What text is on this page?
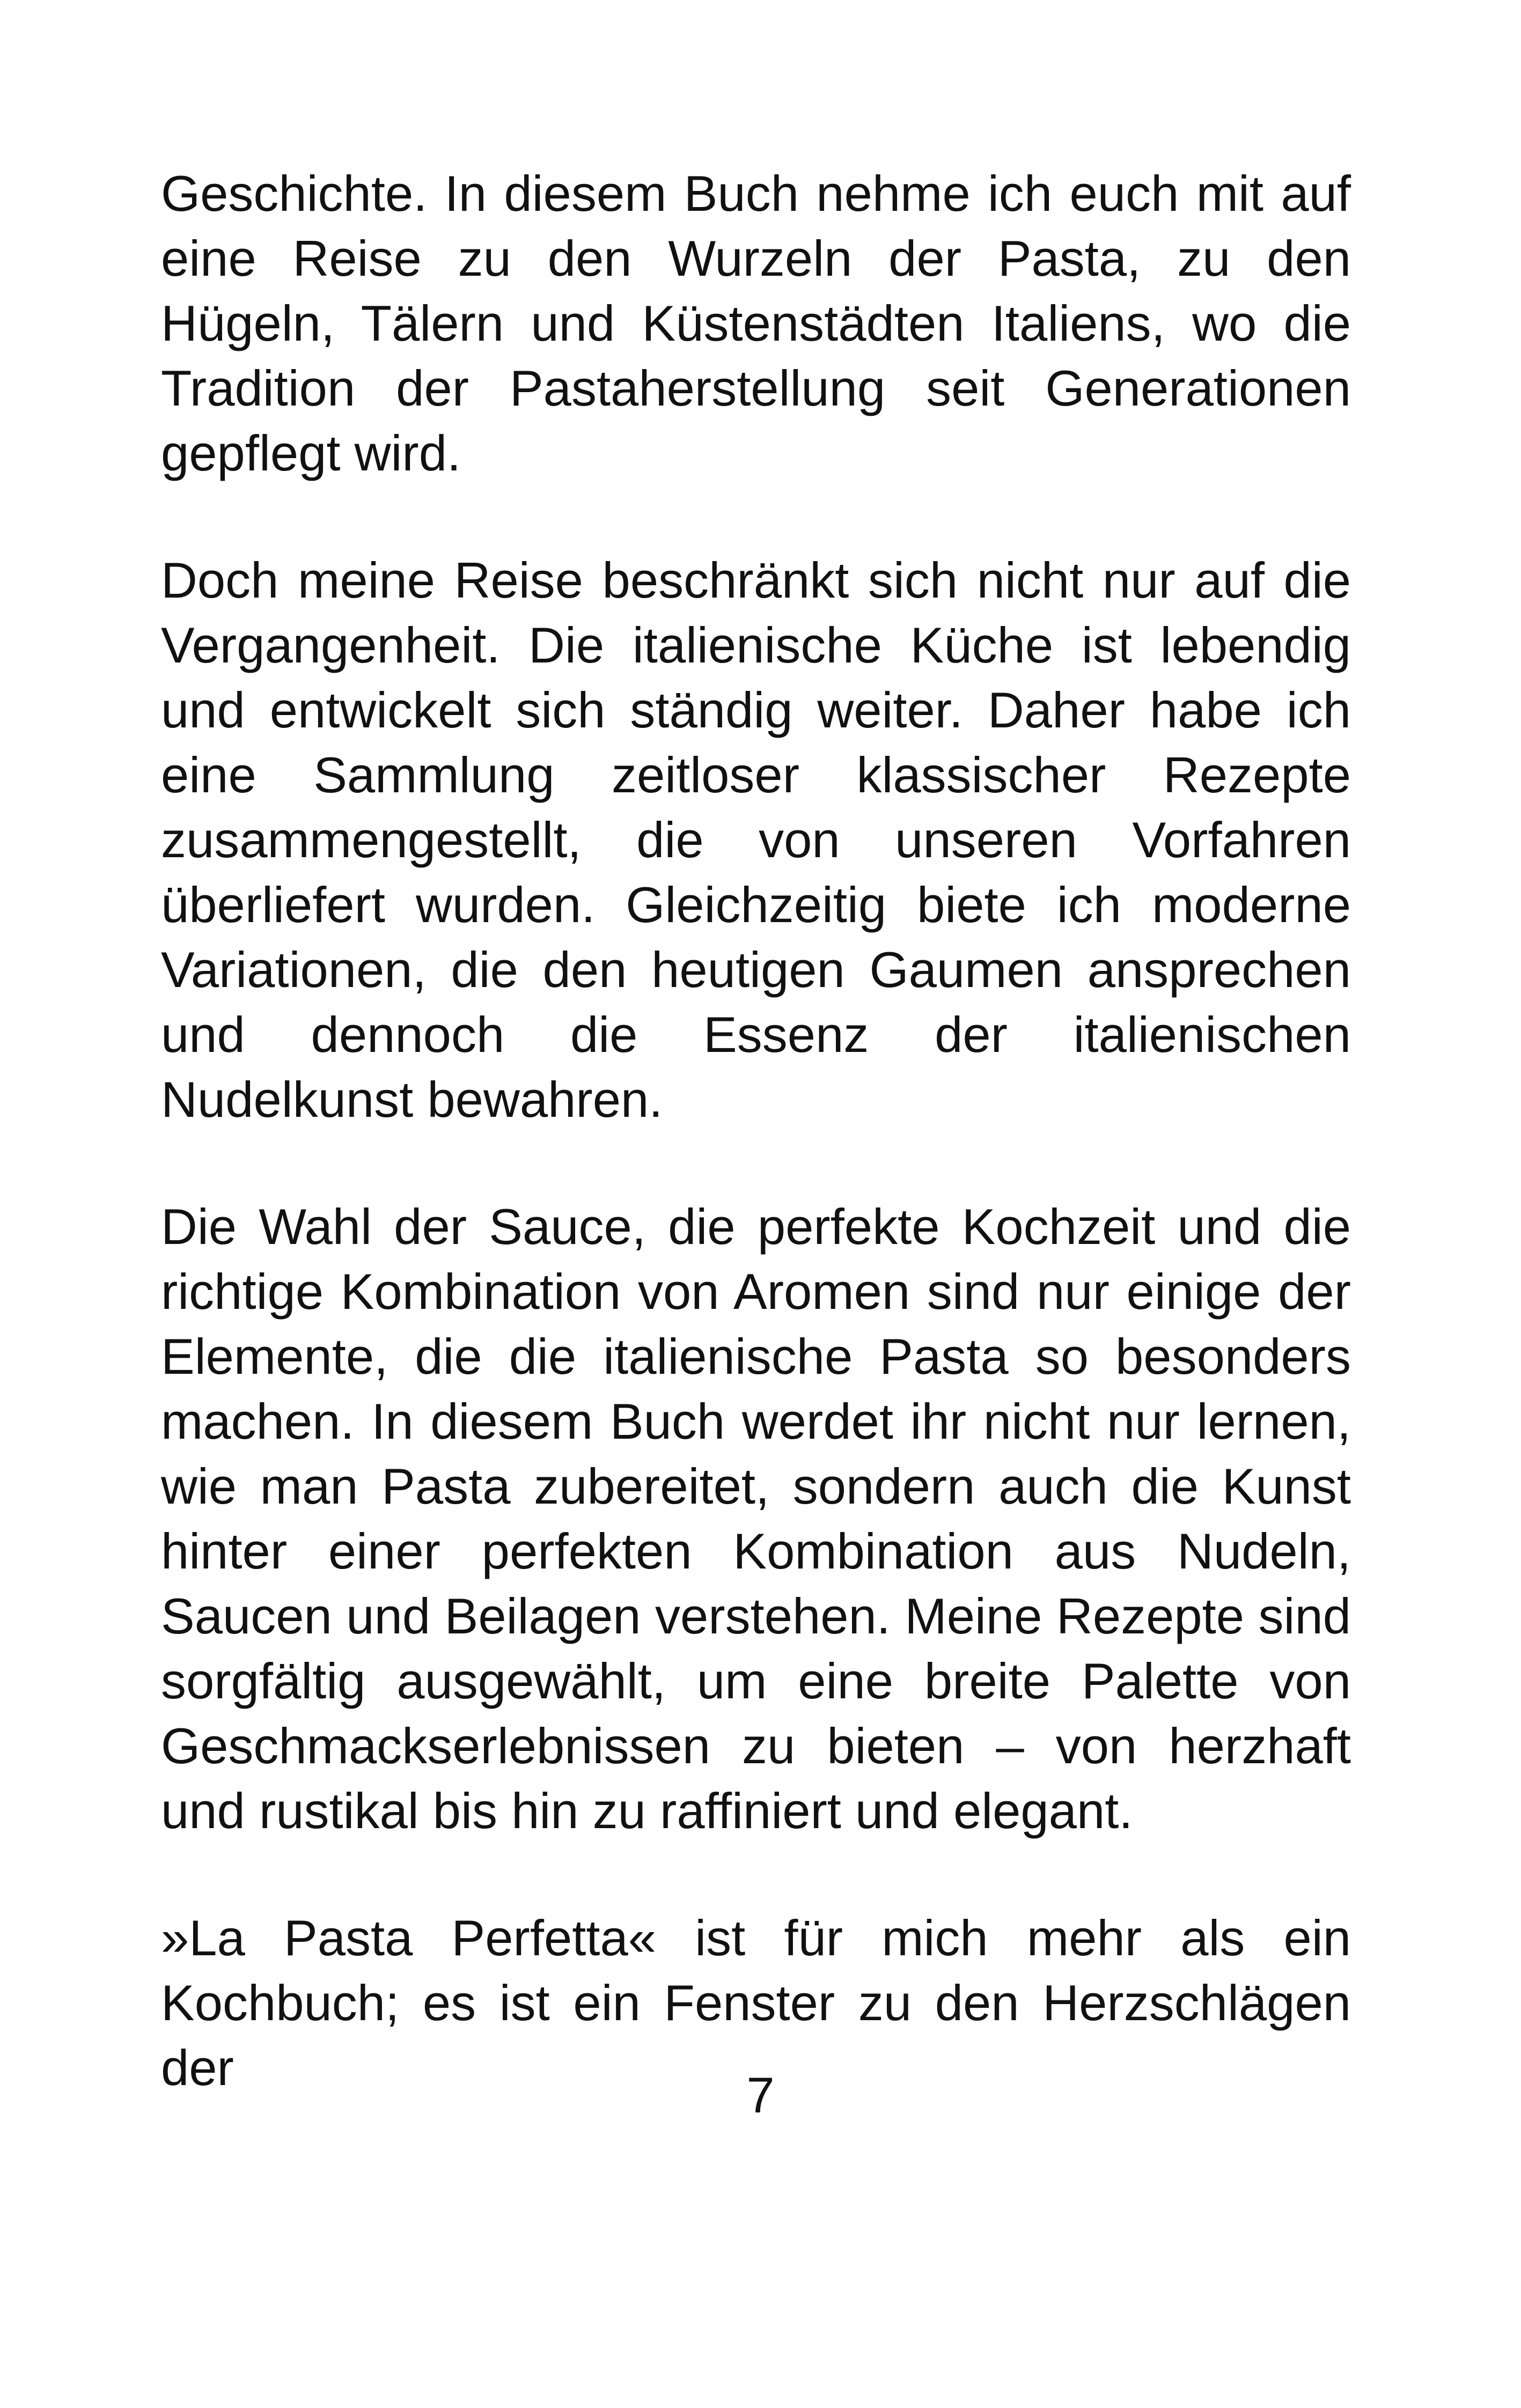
Geschichte. In diesem Buch nehme ich euch mit auf eine Reise zu den Wurzeln der Pasta, zu den Hügeln, Tälern und Küstenstädten Italiens, wo die Tradition der Pastaherstellung seit Generationen gepflegt wird.

Doch meine Reise beschränkt sich nicht nur auf die Vergangenheit. Die italienische Küche ist lebendig und entwickelt sich ständig weiter. Daher habe ich eine Sammlung zeitloser klassischer Rezepte zusammengestellt, die von unseren Vorfahren überliefert wurden. Gleichzeitig biete ich moderne Variationen, die den heutigen Gaumen ansprechen und dennoch die Essenz der italienischen Nudelkunst bewahren.

Die Wahl der Sauce, die perfekte Kochzeit und die richtige Kombination von Aromen sind nur einige der Elemente, die die italienische Pasta so besonders machen. In diesem Buch werdet ihr nicht nur lernen, wie man Pasta zubereitet, sondern auch die Kunst hinter einer perfekten Kombination aus Nudeln, Saucen und Beilagen verstehen. Meine Rezepte sind sorgfältig ausgewählt, um eine breite Palette von Geschmackserlebnissen zu bieten – von herzhaft und rustikal bis hin zu raffiniert und elegant.

»La Pasta Perfetta« ist für mich mehr als ein Kochbuch; es ist ein Fenster zu den Herzschlägen der	7
